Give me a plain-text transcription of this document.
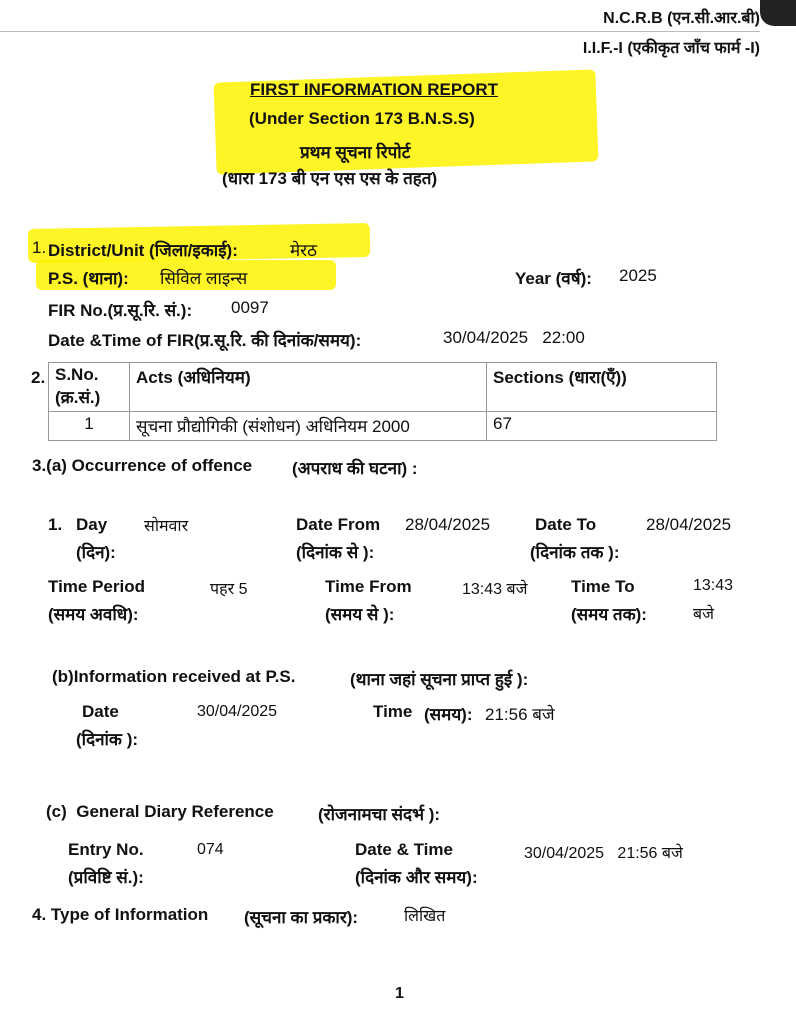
N.C.R.B (एन.सी.आर.बी)
I.I.F.-I (एकीकृत जाँच फार्म -I)
FIRST INFORMATION REPORT
(Under Section 173 B.N.S.S)
प्रथम सूचना रिपोर्ट
(धारा 173 बी एन एस एस के तहत)
1. District/Unit (जिला/इकाई):	मेरठ
P.S. (थाना): सिविल लाइन्स	Year (वर्ष): 2025
FIR No.(प्र.सू.रि. सं.): 0097
Date &Time of FIR(प्र.सू.रि. की दिनांक/समय):	30/04/2025   22:00
2. S.No.
(क्र.सं.)	Acts (अधिनियम)	Sections (धारा(एँ))
1	सूचना प्रौद्योगिकी (संशोधन) अधिनियम 2000	67
3.(a) Occurrence of offence (अपराध की घटना) :
1. Day
(दिन):
सोमवार	Date From
(दिनांक से ):
28/04/2025	Date To
(दिनांक तक ):
28/04/2025
Time Period
(समय अवधि):
पहर 5	Time From
(समय से ):
13:43 बजे	Time To
(समय तक):
13:43
बजे
(b)Information received at P.S.	(थाना जहां सूचना प्राप्त हुई ):
Date
(दिनांक ):
30/04/2025	Time (समय): 21:56 बजे
(c)  General Diary Reference	(रोजनामचा संदर्भ ):
Entry No.
(प्रविष्टि सं.):
074	Date & Time
(दिनांक और समय):
30/04/2025   21:56 बजे
4. Type of Information (सूचना का प्रकार):	लिखित
1
